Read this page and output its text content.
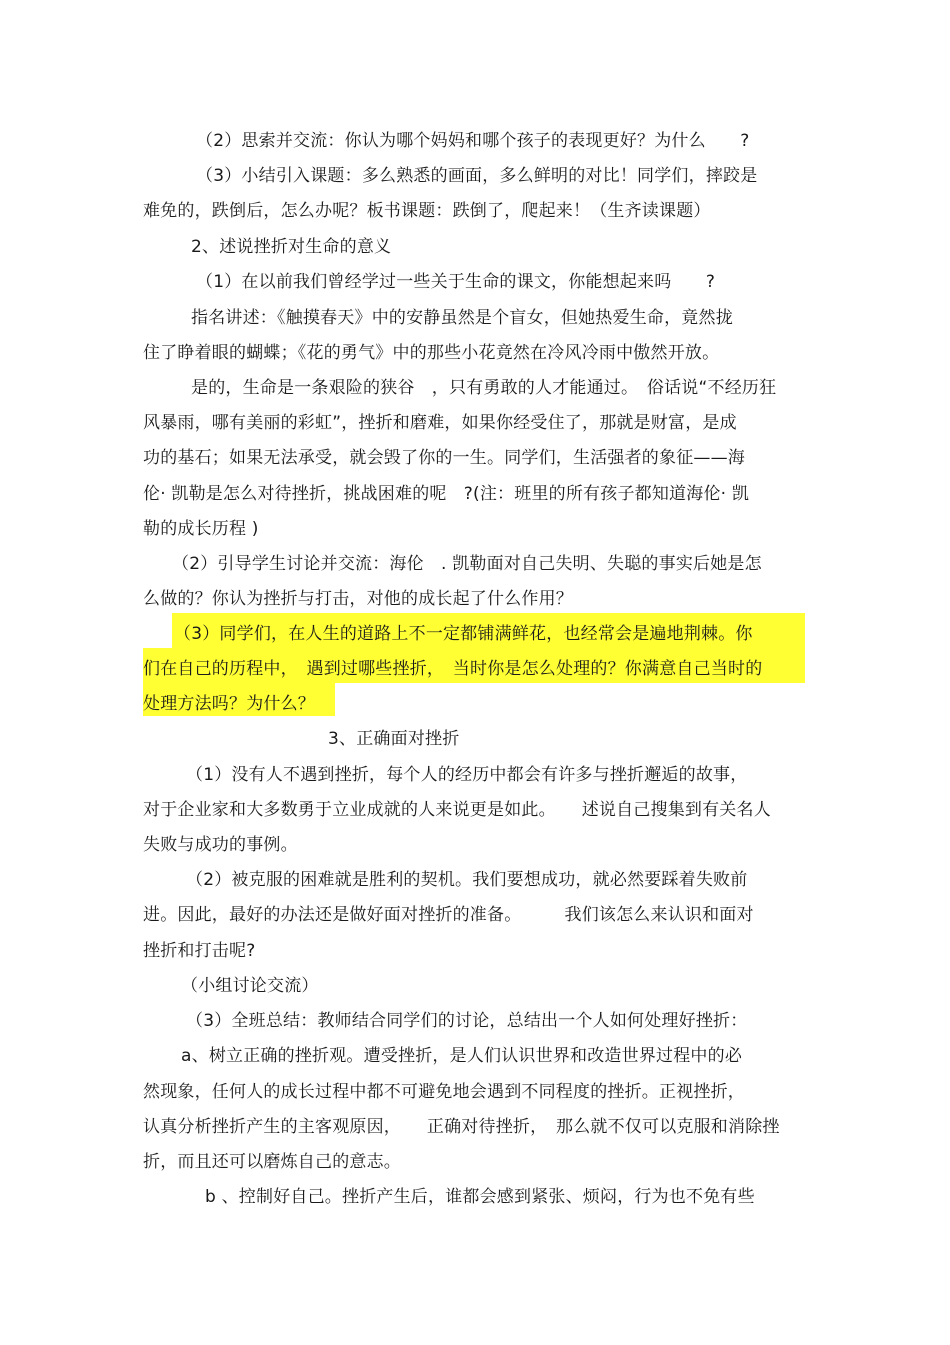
（2）思索并交流：你认为哪个妈妈和哪个孩子的表现更好？为什么　　?
（3）小结引入课题：多么熟悉的画面，多么鲜明的对比！同学们，摔跤是
难免的，跌倒后，怎么办呢？板书课题：跌倒了，爬起来！（生齐读课题）
2、述说挫折对生命的意义
（1）在以前我们曾经学过一些关于生命的课文，你能想起来吗　　?
指名讲述：《触摸春天》中的安静虽然是个盲女，但她热爱生命，竟然拢
住了睁着眼的蝴蝶；《花的勇气》中的那些小花竟然在冷风冷雨中傲然开放。
是的，生命是一条艰险的狭谷　，只有勇敢的人才能通过。　俗话说“不经历狂
风暴雨，哪有美丽的彩虹”，挫折和磨难，如果你经受住了，那就是财富，是成
功的基石；如果无法承受，就会毁了你的一生。同学们，生活强者的象征——海
伦· 凯勒是怎么对待挫折，挑战困难的呢　?(注：班里的所有孩子都知道海伦· 凯
勒的成长历程 )
（2）引导学生讨论并交流：海伦　. 凯勒面对自己失明、失聪的事实后她是怎
么做的？你认为挫折与打击，对他的成长起了什么作用？
（3）同学们，在人生的道路上不一定都铺满鲜花，也经常会是遍地荆棘。你
们在自己的历程中，　遇到过哪些挫折，　当时你是怎么处理的？你满意自己当时的
处理方法吗？为什么？
3、正确面对挫折
（1）没有人不遇到挫折，每个人的经历中都会有许多与挫折邂逅的故事，
对于企业家和大多数勇于立业成就的人来说更是如此。　　述说自己搜集到有关名人
失败与成功的事例。
（2）被克服的困难就是胜利的契机。我们要想成功，就必然要踩着失败前
进。因此，最好的办法还是做好面对挫折的准备。　　　我们该怎么来认识和面对
挫折和打击呢?
（小组讨论交流）
（3）全班总结：教师结合同学们的讨论，总结出一个人如何处理好挫折：
a、树立正确的挫折观。遭受挫折，是人们认识世界和改造世界过程中的必
然现象，任何人的成长过程中都不可避免地会遇到不同程度的挫折。正视挫折，
认真分析挫折产生的主客观原因，　　正确对待挫折，　那么就不仅可以克服和消除挫
折，而且还可以磨炼自己的意志。
b 、控制好自己。挫折产生后，谁都会感到紧张、烦闷，行为也不免有些
